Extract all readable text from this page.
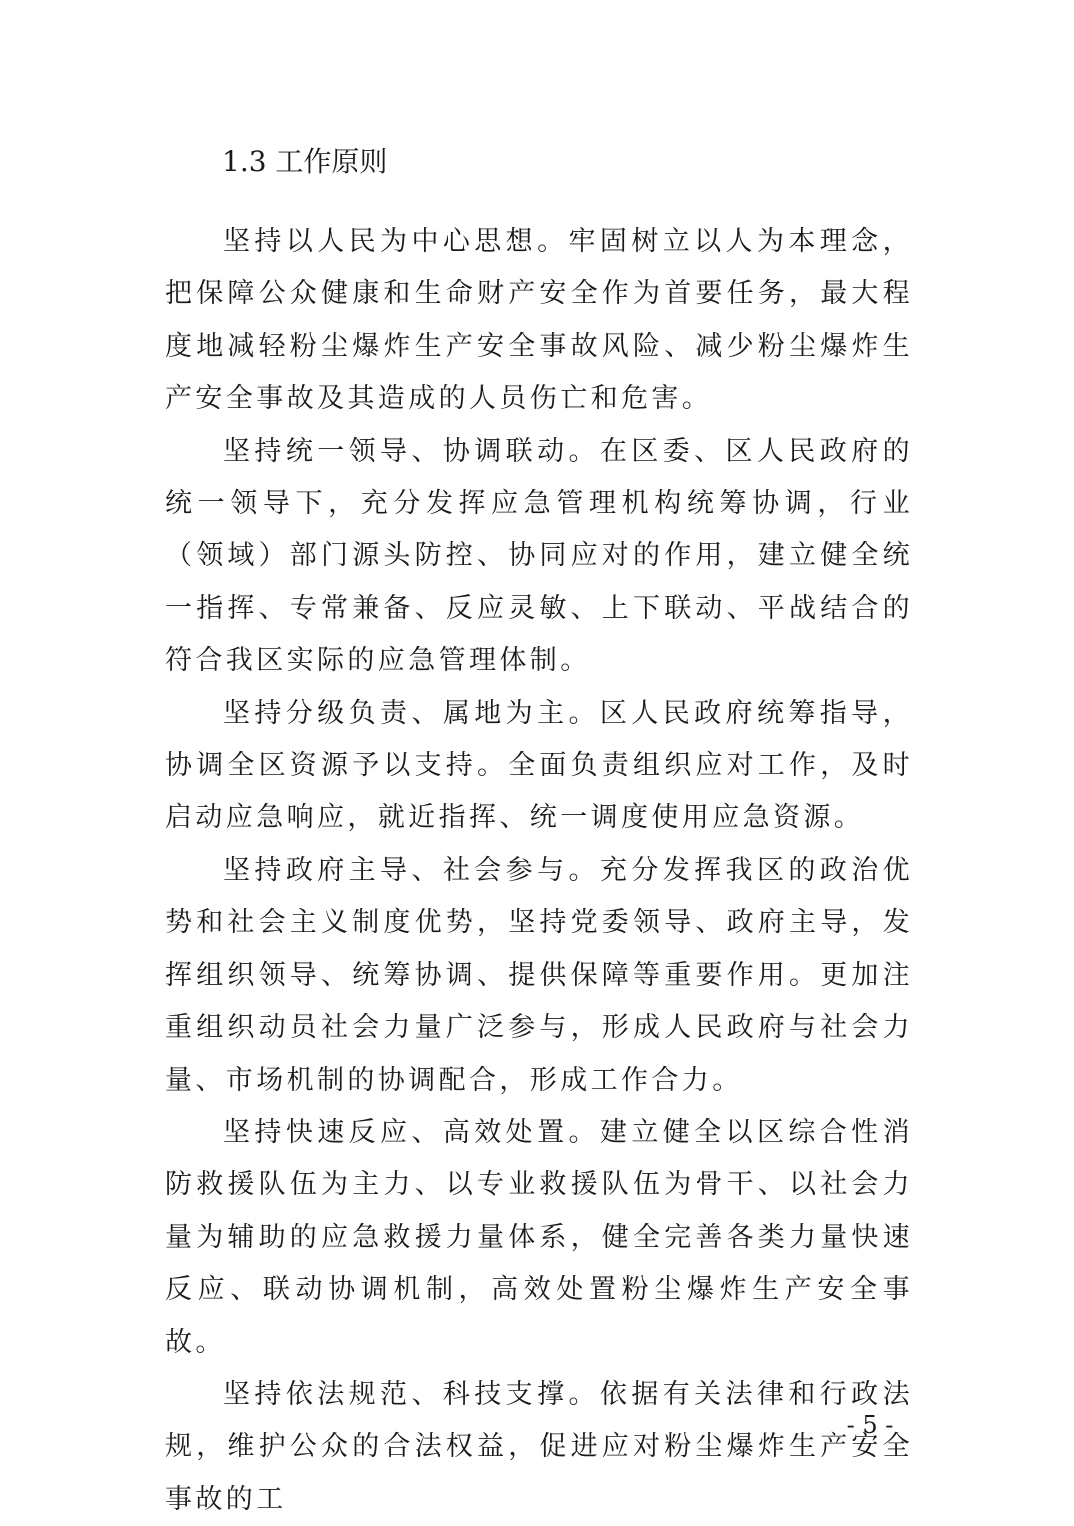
1.3 工作原则

坚持以人民为中心思想。牢固树立以人为本理念，把保障公众健康和生命财产安全作为首要任务，最大程度地减轻粉尘爆炸生产安全事故风险、减少粉尘爆炸生产安全事故及其造成的人员伤亡和危害。

坚持统一领导、协调联动。在区委、区人民政府的统一领导下，充分发挥应急管理机构统筹协调，行业（领域）部门源头防控、协同应对的作用，建立健全统一指挥、专常兼备、反应灵敏、上下联动、平战结合的符合我区实际的应急管理体制。

坚持分级负责、属地为主。区人民政府统筹指导，协调全区资源予以支持。全面负责组织应对工作，及时启动应急响应，就近指挥、统一调度使用应急资源。

坚持政府主导、社会参与。充分发挥我区的政治优势和社会主义制度优势，坚持党委领导、政府主导，发挥组织领导、统筹协调、提供保障等重要作用。更加注重组织动员社会力量广泛参与，形成人民政府与社会力量、市场机制的协调配合，形成工作合力。

坚持快速反应、高效处置。建立健全以区综合性消防救援队伍为主力、以专业救援队伍为骨干、以社会力量为辅助的应急救援力量体系，健全完善各类力量快速反应、联动协调机制，高效处置粉尘爆炸生产安全事故。

坚持依法规范、科技支撑。依据有关法律和行政法规，维护公众的合法权益，促进应对粉尘爆炸生产安全事故的工

- 5 -
